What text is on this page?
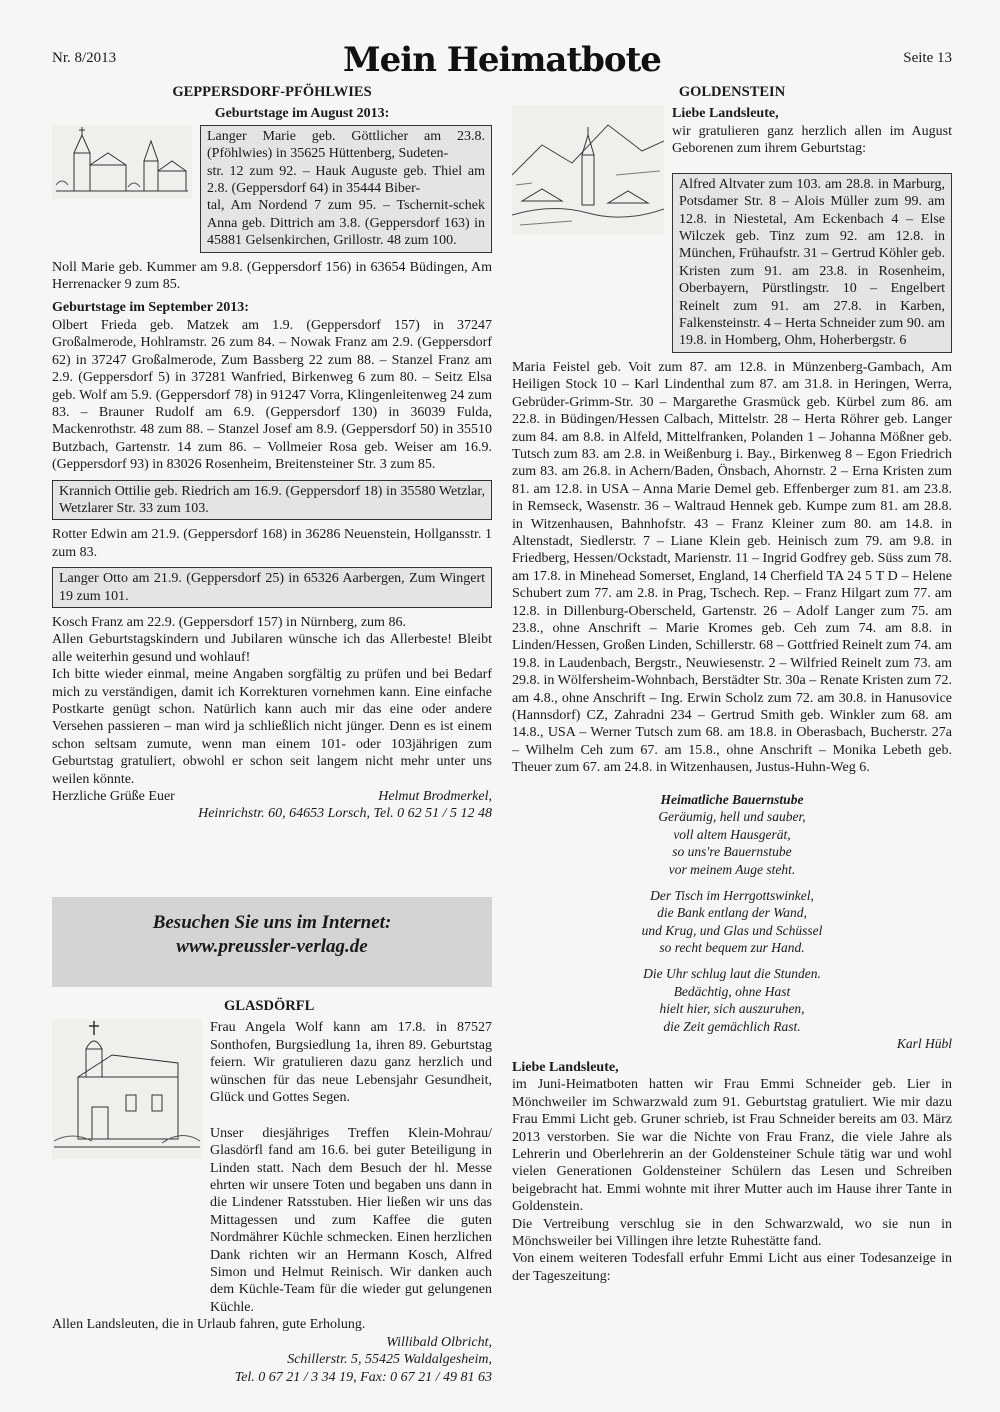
Nr. 8/2013	Mein Heimatbote	Seite 13
GEPPERSDORF-PFÖHLWIES
Geburtstage im August 2013:

Langer Marie geb. Göttlicher am 23.8. (Pföhlwies) in 35625 Hüttenberg, Sudeten-

str. 12 zum 92. – Hauk Auguste geb. Thiel am 2.8. (Geppersdorf 64) in 35444 Biber-

tal, Am Nordend 7 zum 95. – Tschernit-schek Anna geb. Dittrich am 3.8. (Geppersdorf 163) in 45881 Gelsenkirchen, Grillostr. 48 zum 100.

Noll Marie geb. Kummer am 9.8. (Geppersdorf 156) in 63654 Büdingen, Am Herrenacker 9 zum 85.

Geburtstage im September 2013:

Olbert Frieda geb. Matzek am 1.9. (Geppersdorf 157) in 37247 Großalmerode, Hohlramstr. 26 zum 84. – Nowak Franz am 2.9. (Geppersdorf 62) in 37247 Großalmerode, Zum Bassberg 22 zum 88. – Stanzel Franz am 2.9. (Geppersdorf 5) in 37281 Wanfried, Birkenweg 6 zum 80. – Seitz Elsa geb. Wolf am 5.9. (Geppersdorf 78) in 91247 Vorra, Klingenleitenweg 24 zum 83. – Brauner Rudolf am 6.9. (Geppersdorf 130) in 36039 Fulda, Mackenrothstr. 48 zum 88. – Stanzel Josef am 8.9. (Geppersdorf 50) in 35510 Butzbach, Gartenstr. 14 zum 86. – Vollmeier Rosa geb. Weiser am 16.9. (Geppersdorf 93) in 83026 Rosenheim, Breitensteiner Str. 3 zum 85.

Krannich Ottilie geb. Riedrich am 16.9. (Geppersdorf 18) in 35580 Wetzlar, Wetzlarer Str. 33 zum 103.

Rotter Edwin am 21.9. (Geppersdorf 168) in 36286 Neuenstein, Hollgansstr. 1 zum 83.

Langer Otto am 21.9. (Geppersdorf 25) in 65326 Aarbergen, Zum Wingert 19 zum 101.

Kosch Franz am 22.9. (Geppersdorf 157) in Nürnberg, zum 86.

Allen Geburtstagskindern und Jubilaren wünsche ich das Allerbeste! Bleibt alle weiterhin gesund und wohlauf!

Ich bitte wieder einmal, meine Angaben sorgfältig zu prüfen und bei Bedarf mich zu verständigen, damit ich Korrekturen vornehmen kann. Eine einfache Postkarte genügt schon. Natürlich kann auch mir das eine oder andere Versehen passieren – man wird ja schließlich nicht jünger. Denn es ist einem schon seltsam zumute, wenn man einem 101- oder 103jährigen zum Geburtstag gratuliert, obwohl er schon seit langem nicht mehr unter uns weilen könnte.

Herzliche Grüße Euer	Helmut Brodmerkel,

Heinrichstr. 60, 64653 Lorsch, Tel. 0 62 51 / 5 12 48

Besuchen Sie uns im Internet:
www.preussler-verlag.de
GLASDÖRFL

Frau Angela Wolf kann am 17.8. in 87527 Sonthofen, Burgsiedlung 1a, ihren 89. Geburtstag feiern. Wir gratulieren dazu ganz herzlich und wünschen für das neue Lebensjahr Gesundheit, Glück und Gottes Segen.

Unser diesjähriges Treffen Klein-Mohrau/ Glasdörfl fand am 16.6. bei guter Beteiligung in Linden statt. Nach dem Besuch der hl. Messe ehrten wir unsere Toten und begaben uns dann in die Lindener Ratsstuben. Hier ließen wir uns das Mittagessen und zum Kaffee die guten Nordmährer Küchle schmecken. Einen herzlichen Dank richten wir an Hermann Kosch, Alfred Simon und Helmut Reinisch. Wir danken auch dem Küchle-Team für die wieder gut gelungenen Küchle.

Allen Landsleuten, die in Urlaub fahren, gute Erholung.

Willibald Olbricht,

Schillerstr. 5, 55425 Waldalgesheim,

Tel. 0 67 21 / 3 34 19, Fax: 0 67 21 / 49 81 63

GOLDENSTEIN

Liebe Landsleute,

wir gratulieren ganz herzlich allen im August Geborenen zum ihrem Geburtstag:

Alfred Altvater zum 103. am 28.8. in Marburg, Potsdamer Str. 8 – Alois Müller zum 99. am 12.8. in Niestetal, Am Eckenbach 4 – Else Wilczek geb. Tinz zum 92. am 12.8. in München, Frühaufstr. 31 – Gertrud Köhler geb. Kristen zum 91. am 23.8. in Rosenheim, Oberbayern, Pürstlingstr. 10 – Engelbert Reinelt zum 91. am 27.8. in Karben, Falkensteinstr. 4 – Herta Schneider zum 90. am 19.8. in Homberg, Ohm, Hoherbergstr. 6

Maria Feistel geb. Voit zum 87. am 12.8. in Münzenberg-Gambach, Am Heiligen Stock 10 – Karl Lindenthal zum 87. am 31.8. in Heringen, Werra, Gebrüder-Grimm-Str. 30 – Margarethe Grasmück geb. Kürbel zum 86. am 22.8. in Büdingen/Hessen Calbach, Mittelstr. 28 – Herta Röhrer geb. Langer zum 84. am 8.8. in Alfeld, Mittelfranken, Polanden 1 – Johanna Mößner geb. Tutsch zum 83. am 2.8. in Weißenburg i. Bay., Birkenweg 8 – Egon Friedrich zum 83. am 26.8. in Achern/Baden, Önsbach, Ahornstr. 2 – Erna Kristen zum 81. am 12.8. in USA – Anna Marie Demel geb. Effenberger zum 81. am 23.8. in Remseck, Wasenstr. 36 – Waltraud Hennek geb. Kumpe zum 81. am 28.8. in Witzenhausen, Bahnhofstr. 43 – Franz Kleiner zum 80. am 14.8. in Altenstadt, Siedlerstr. 7 – Liane Klein geb. Heinisch zum 79. am 9.8. in Friedberg, Hessen/Ockstadt, Marienstr. 11 – Ingrid Godfrey geb. Süss zum 78. am 17.8. in Minehead Somerset, England, 14 Cherfield TA 24 5 T D – Helene Schubert zum 77. am 2.8. in Prag, Tschech. Rep. – Franz Hilgart zum 77. am 12.8. in Dillenburg-Oberscheld, Gartenstr. 26 – Adolf Langer zum 75. am 23.8., ohne Anschrift – Marie Kromes geb. Ceh zum 74. am 8.8. in Linden/Hessen, Großen Linden, Schillerstr. 68 – Gottfried Reinelt zum 74. am 19.8. in Laudenbach, Bergstr., Neuwiesenstr. 2 – Wilfried Reinelt zum 73. am 29.8. in Wölfersheim-Wohnbach, Berstädter Str. 30a – Renate Kristen zum 72. am 4.8., ohne Anschrift – Ing. Erwin Scholz zum 72. am 30.8. in Hanusovice (Hannsdorf) CZ, Zahradni 234 – Gertrud Smith geb. Winkler zum 68. am 14.8., USA – Werner Tutsch zum 68. am 18.8. in Oberasbach, Bucherstr. 27a – Wilhelm Ceh zum 67. am 15.8., ohne Anschrift – Monika Lebeth geb. Theuer zum 67. am 24.8. in Witzenhausen, Justus-Huhn-Weg 6.

Heimatliche Bauernstube
Geräumig, hell und sauber,
voll altem Hausgerät,
so uns're Bauernstube
vor meinem Auge steht.
Der Tisch im Herrgottswinkel,
die Bank entlang der Wand,
und Krug, und Glas und Schüssel
so recht bequem zur Hand.
Die Uhr schlug laut die Stunden.
Bedächtig, ohne Hast
hielt hier, sich auszuruhen,
die Zeit gemächlich Rast.
Karl Hübl

Liebe Landsleute,

im Juni-Heimatboten hatten wir Frau Emmi Schneider geb. Lier in Mönchweiler im Schwarzwald zum 91. Geburtstag gratuliert. Wie mir dazu Frau Emmi Licht geb. Gruner schrieb, ist Frau Schneider bereits am 03. März 2013 verstorben. Sie war die Nichte von Frau Franz, die viele Jahre als Lehrerin und Oberlehrerin an der Goldensteiner Schule tätig war und wohl vielen Generationen Goldensteiner Schülern das Lesen und Schreiben beigebracht hat. Emmi wohnte mit ihrer Mutter auch im Hause ihrer Tante in Goldenstein.

Die Vertreibung verschlug sie in den Schwarzwald, wo sie nun in Mönchsweiler bei Villingen ihre letzte Ruhestätte fand.

Von einem weiteren Todesfall erfuhr Emmi Licht aus einer Todesanzeige in der Tageszeitung:
